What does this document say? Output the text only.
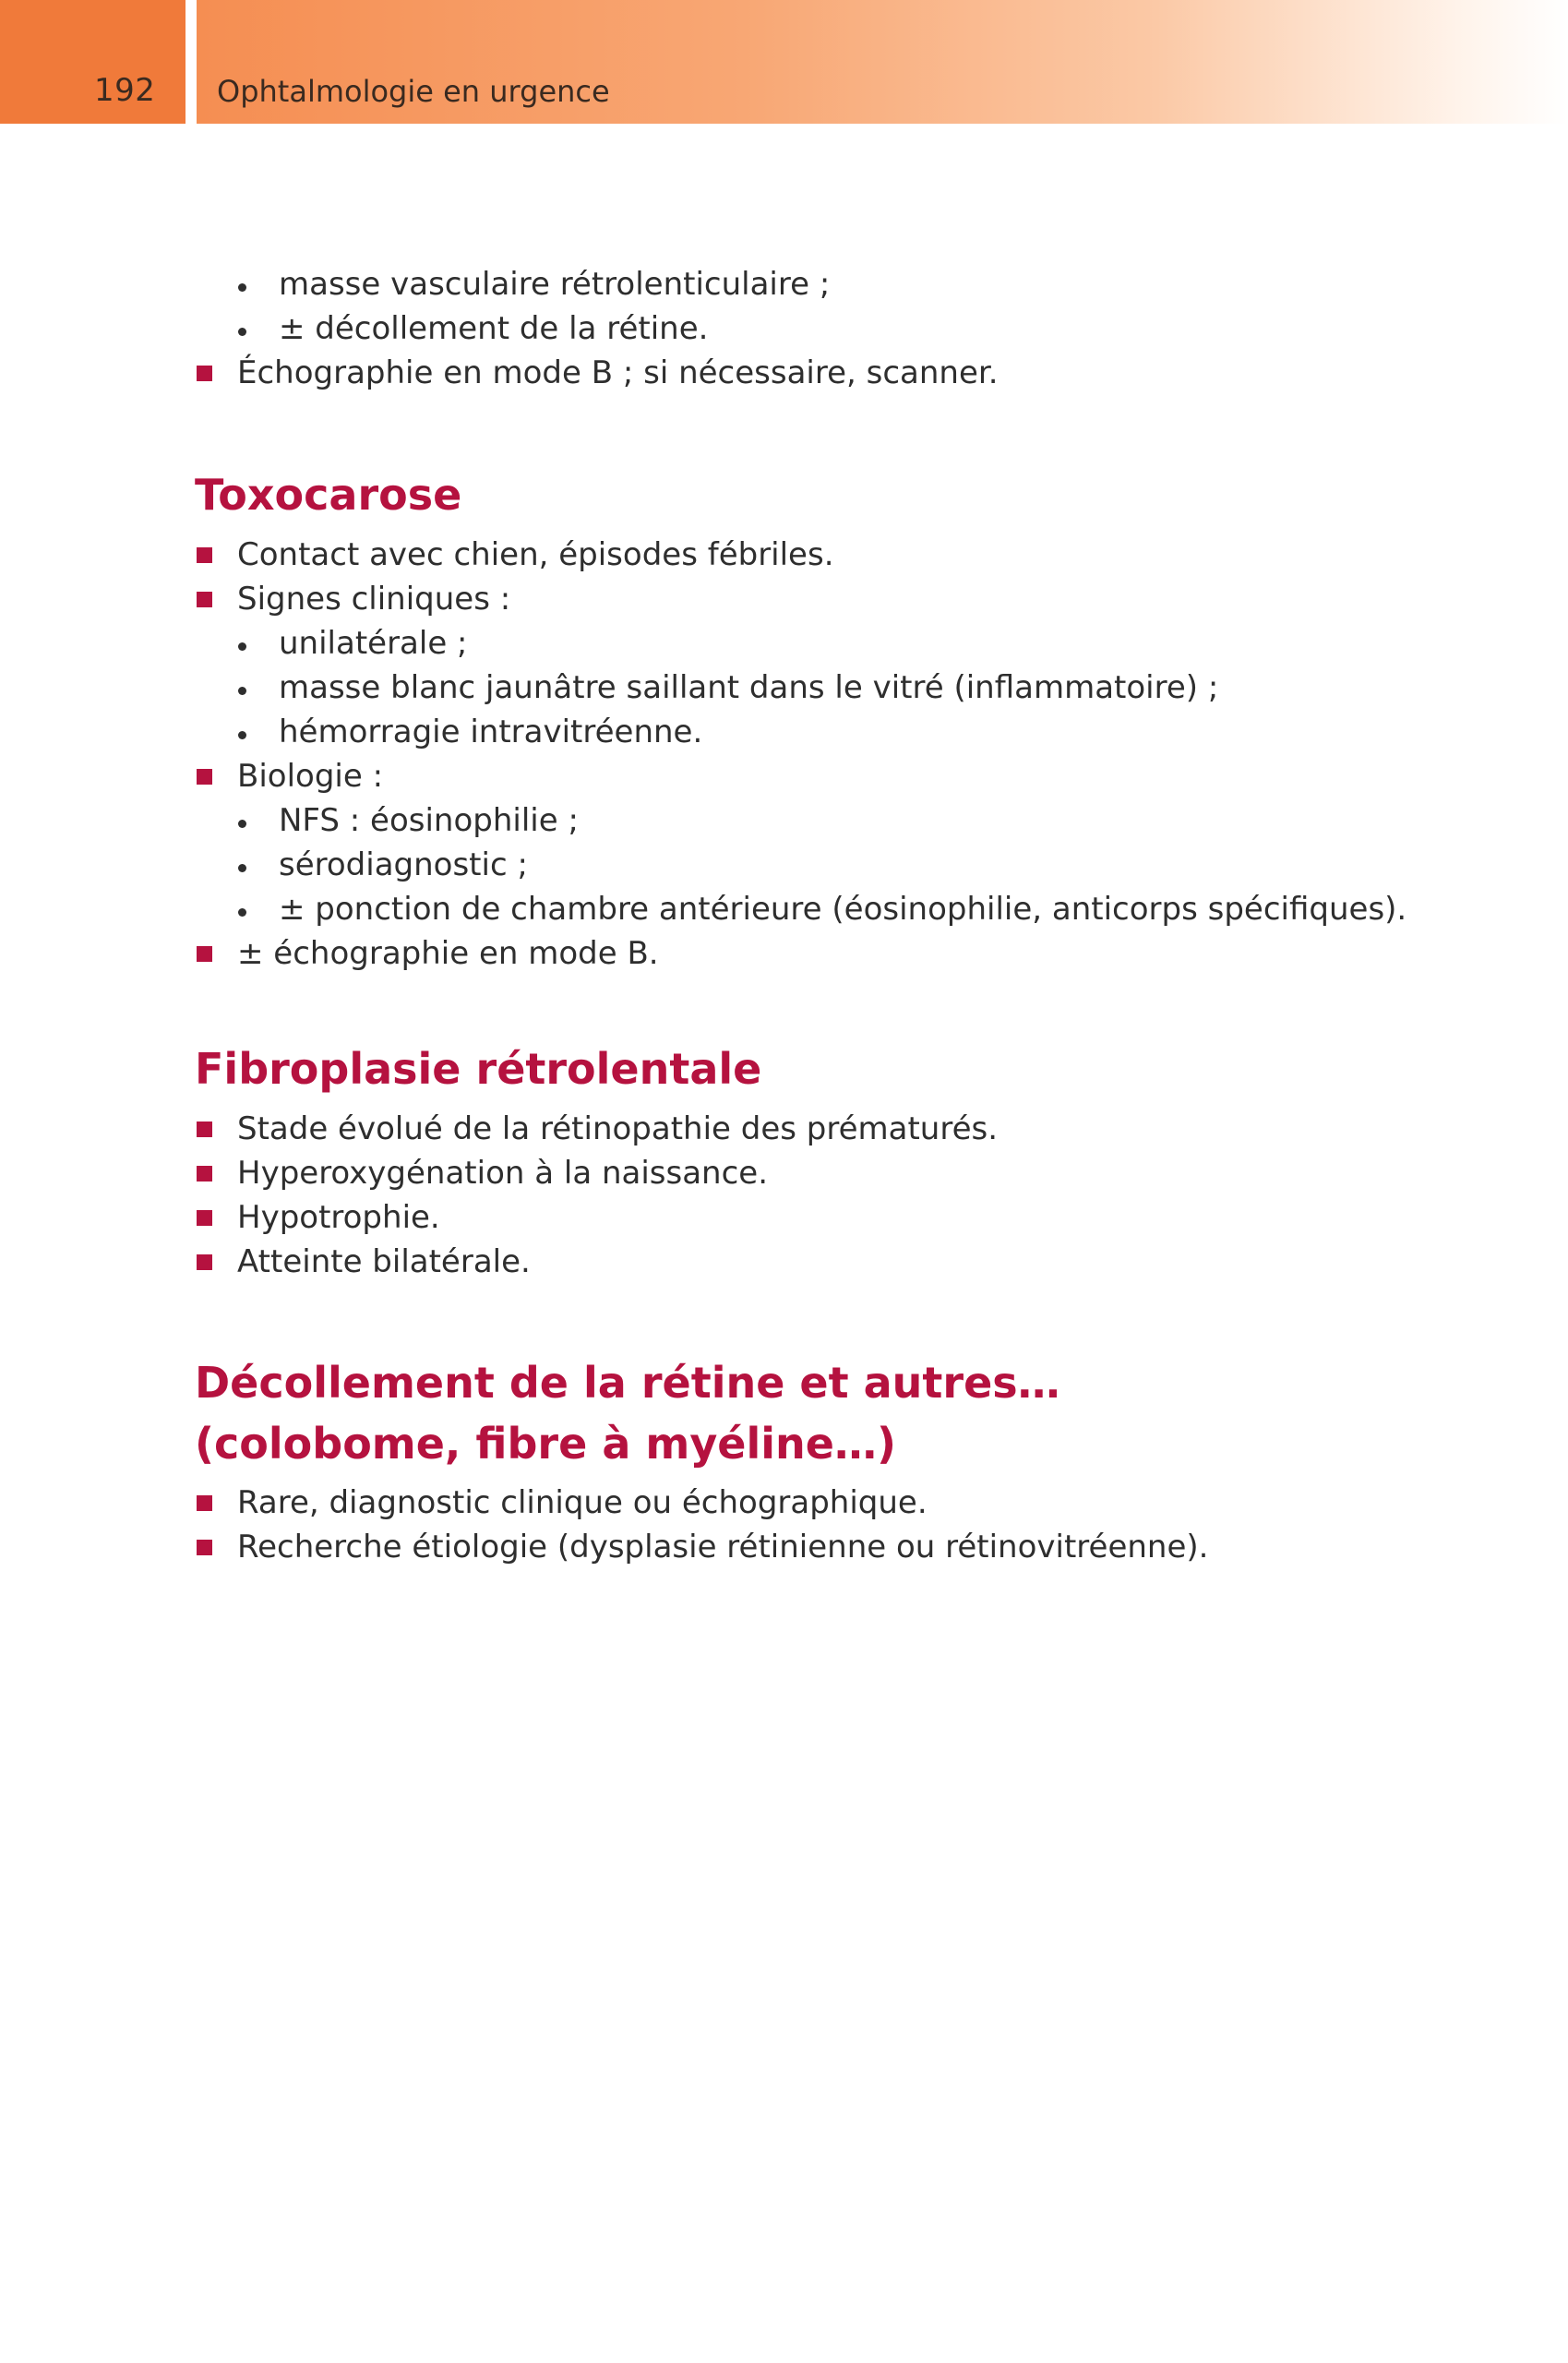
192 Ophtalmologie en urgence
masse vasculaire rétrolenticulaire ;
± décollement de la rétine.
Échographie en mode B ; si nécessaire, scanner.
Toxocarose
Contact avec chien, épisodes fébriles.
Signes cliniques :
unilatérale ;
masse blanc jaunâtre saillant dans le vitré (inflammatoire) ;
hémorragie intravitréenne.
Biologie :
NFS : éosinophilie ;
sérodiagnostic ;
± ponction de chambre antérieure (éosinophilie, anticorps spécifiques).
± échographie en mode B.
Fibroplasie rétrolentale
Stade évolué de la rétinopathie des prématurés.
Hyperoxygénation à la naissance.
Hypotrophie.
Atteinte bilatérale.
Décollement de la rétine et autres…
(colobome, fibre à myéline…)
Rare, diagnostic clinique ou échographique.
Recherche étiologie (dysplasie rétinienne ou rétinovitréenne).
